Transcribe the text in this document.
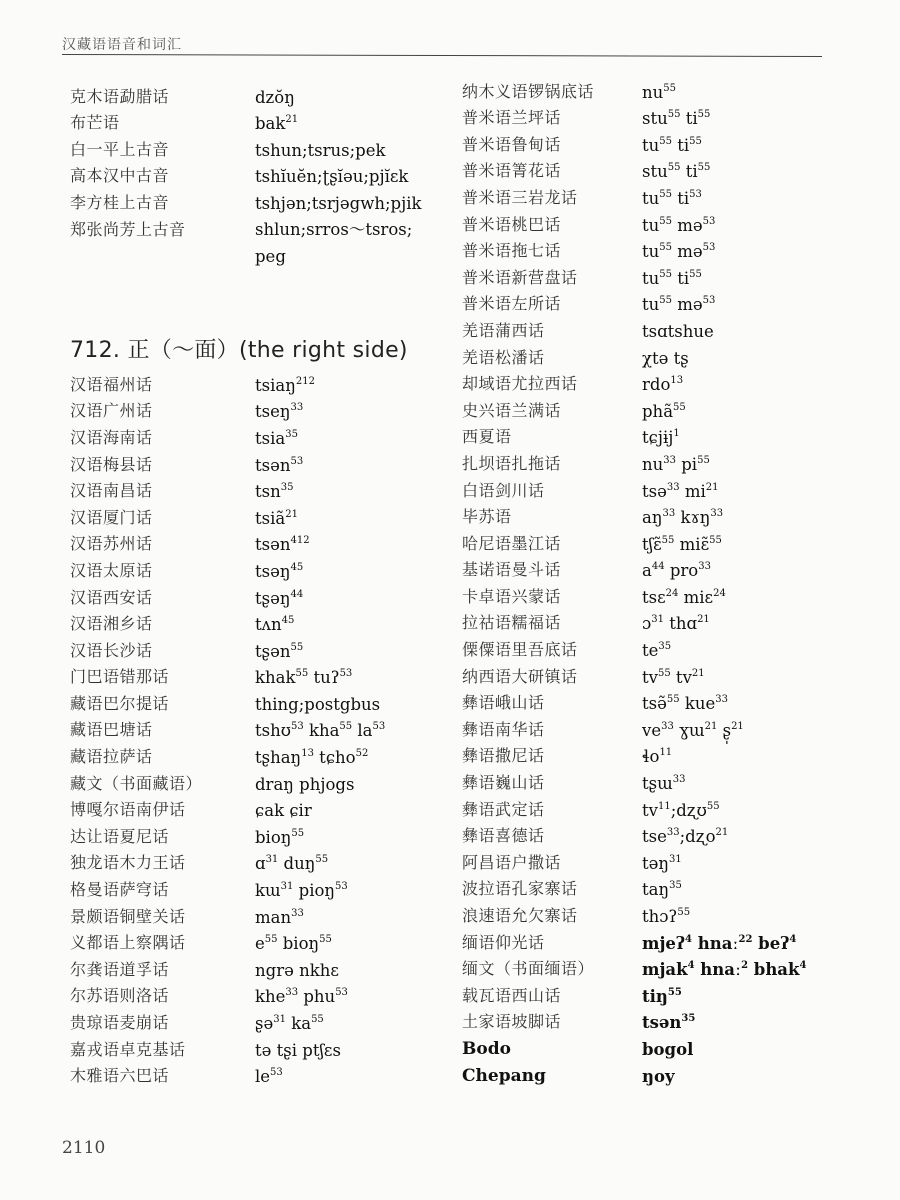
汉藏语语音和词汇
克木语勐腊话	dzŏŋ
布芒语	bak$^{21}$
白一平上古音	tshun;tsrus;pek
高本汉中古音	tshĭuĕn;ʈʂĭəu;pjĭɛk
李方桂上古音	tshjən;tsrjəgwh;pjik
郑张尚芳上古音	shlun;srros～tsros;
peg
712. 正（～面）(the right side)
汉语福州话	tsiaŋ$^{212}$
汉语广州话	tseŋ$^{33}$
汉语海南话	tsia$^{35}$
汉语梅县话	tsən$^{53}$
汉语南昌话	tsn$^{35}$
汉语厦门话	tsiã$^{21}$
汉语苏州话	tsən$^{412}$
汉语太原话	tsəŋ$^{45}$
汉语西安话	tʂəŋ$^{44}$
汉语湘乡话	tʌn$^{45}$
汉语长沙话	tʂən$^{55}$
门巴语错那话	khak$^{55}$ tuʔ$^{53}$
藏语巴尔提话	thing;postgbus
藏语巴塘话	tshʊ$^{53}$ kha$^{55}$ $la^{53}$
藏语拉萨话	tʂhaŋ$^{13}$ tɕho$^{52}$
藏文（书面藏语）	draŋ phjogs
博嘎尔语南伊话	ɕak ɕir
达让语夏尼话	bioŋ$^{55}$
独龙语木力王话	ɑ$^{31}$ duŋ$^{55}$
格曼语萨穹话	kɯ$^{31}$ pioŋ$^{53}$
景颇语铜壁关话	man$^{33}$
义都语上察隅话	$e^{55}$ bioŋ$^{55}$
尔龚语道孚话	ngrə nkhɛ
尔苏语则洛话	khe$^{33}$ phu$^{53}$
贵琼语麦崩话	ʂə$^{31}$ $ka^{55}$
嘉戎语卓克基话	tə tʂi ptʃɛs
木雅语六巴话	$le^{53}$
纳木义语锣锅底话	$nu^{55}$
普米语兰坪话	stu$^{55}$ $ti^{55}$
普米语鲁甸话	$tu^{55}$ $ti^{55}$
普米语箐花话	stu$^{55}$ $ti^{55}$
普米语三岩龙话	$tu^{55}$ $ti^{53}$
普米语桃巴话	$tu^{55}$ mə$^{53}$
普米语拖七话	$tu^{55}$ mə$^{53}$
普米语新营盘话	$tu^{55}$ $ti^{55}$
普米语左所话	$tu^{55}$ mə$^{53}$
羌语蒲西话	tsɑtshue
羌语松潘话	χtə tʂ
却域语尤拉西话	rdo$^{13}$
史兴语兰满话	phã$^{55}$
西夏语	tɕjɨj$^1$
扎坝语扎拖话	$nu^{33}$ $pi^{55}$
白语剑川话	tsə$^{33}$ $mi^{21}$
毕苏语	$aŋ^{33}$ kɤŋ$^{33}$
哈尼语墨江话	tʃɛ̃$^{55}$ miɛ̃$^{55}$
基诺语曼斗话	$a^{44}$ pro$^{33}$
卡卓语兴蒙话	tsɛ$^{24}$ miɛ$^{24}$
拉祜语糯福话	ɔ$^{31}$ thɑ$^{21}$
傈僳语里吾底话	$te^{35}$
纳西语大研镇话	$tv^{55}$ $tv^{21}$
彝语峨山话	tsə̃$^{55}$ kue$^{33}$
彝语南华话	$ve^{33}$ ɣɯ$^{21}$ ʂ̩$^{21}$
彝语撒尼话	ɬo$^{11}$
彝语巍山话	tʂɯ$^{33}$
彝语武定话	$tv^{11};dʐʊ^{55}$
彝语喜德话	tse$^{33}$;dʐo$^{21}$
阿昌语户撒话	təŋ$^{31}$
波拉语孔家寨话	taŋ$^{35}$
浪速语允欠寨话	thɔʔ$^{55}$
缅语仰光话	mjeʔ$^4$ hnaː$^{22}$ beʔ$^4$
缅文（书面缅语）	mjak$^4$ hnaː$^2$ bhak$^4$
载瓦语西山话	tiŋ$^{55}$
土家语坡脚话	tsən$^{35}$
Bodo	bogol
Chepang	ŋoy
2110
